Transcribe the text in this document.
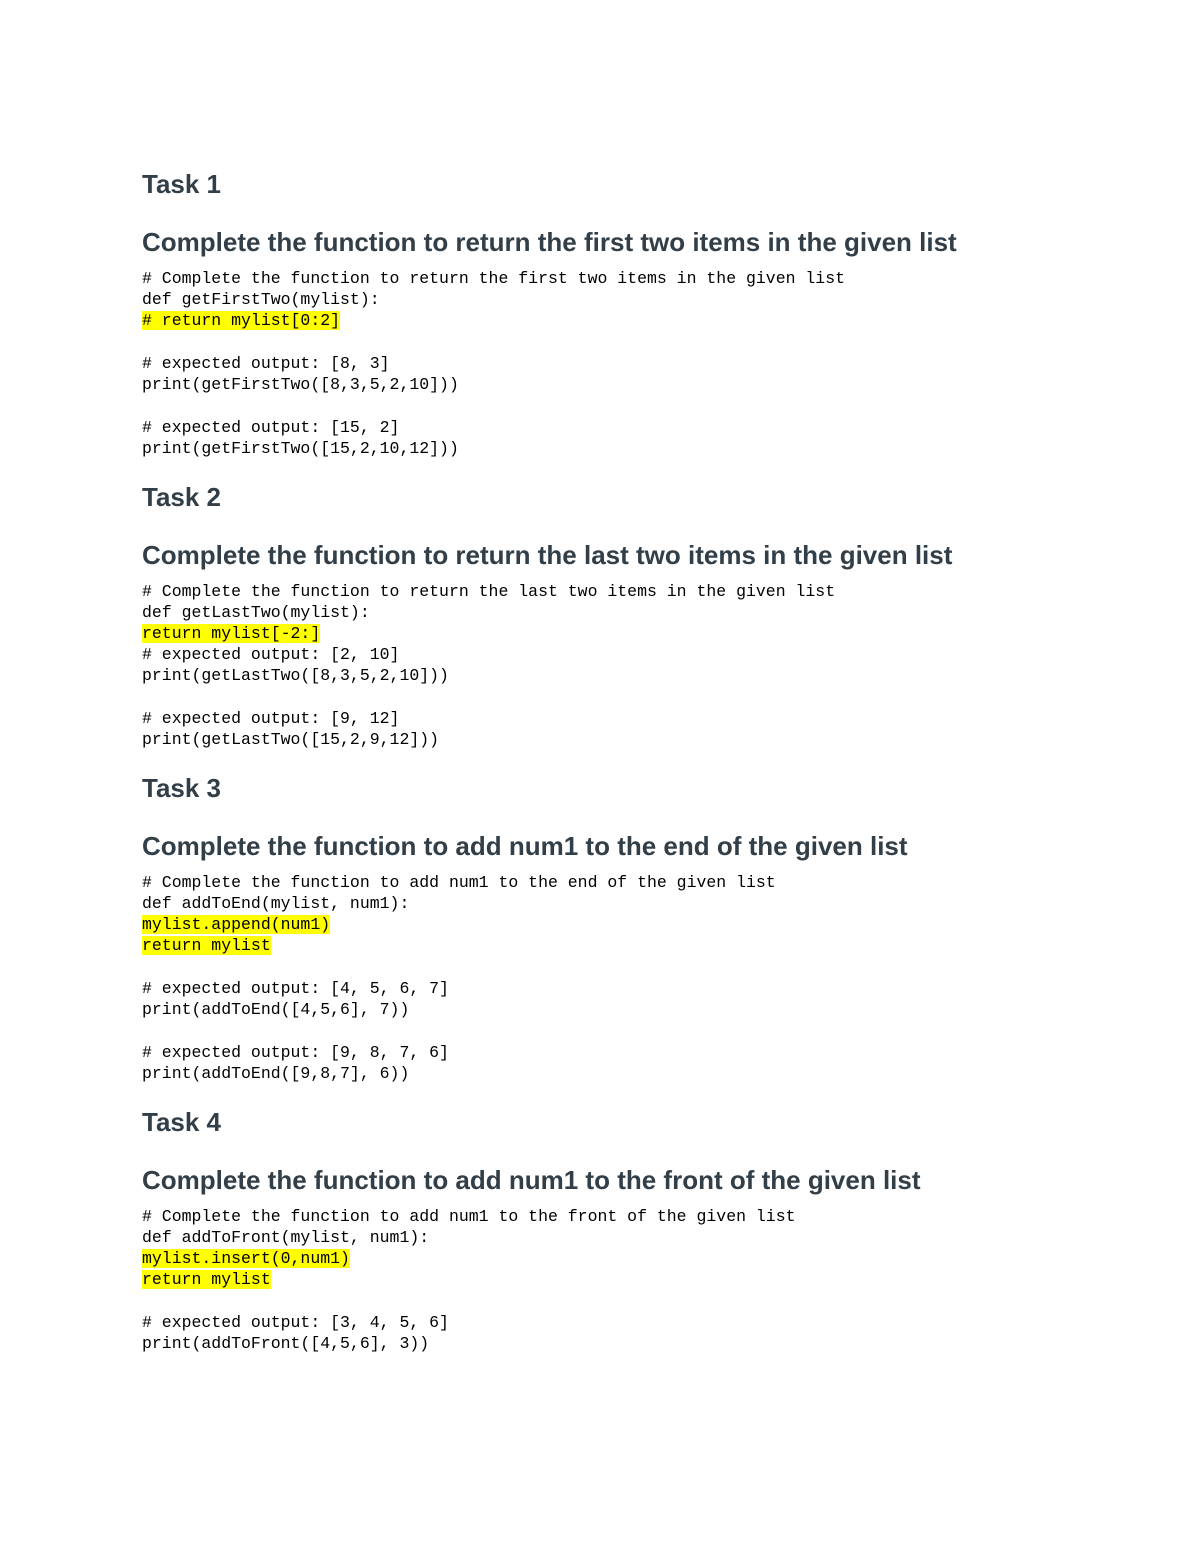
Task 1
Complete the function to return the first two items in the given list
# Complete the function to return the first two items in the given list
def getFirstTwo(mylist):
# return mylist[0:2]
# expected output: [8, 3]
print(getFirstTwo([8,3,5,2,10]))
# expected output: [15, 2]
print(getFirstTwo([15,2,10,12]))
Task 2
Complete the function to return the last two items in the given list
# Complete the function to return the last two items in the given list
def getLastTwo(mylist):
return mylist[-2:]
# expected output: [2, 10]
print(getLastTwo([8,3,5,2,10]))
# expected output: [9, 12]
print(getLastTwo([15,2,9,12]))
Task 3
Complete the function to add num1 to the end of the given list
# Complete the function to add num1 to the end of the given list
def addToEnd(mylist, num1):
mylist.append(num1)
return mylist
# expected output: [4, 5, 6, 7]
print(addToEnd([4,5,6], 7))
# expected output: [9, 8, 7, 6]
print(addToEnd([9,8,7], 6))
Task 4
Complete the function to add num1 to the front of the given list
# Complete the function to add num1 to the front of the given list
def addToFront(mylist, num1):
mylist.insert(0,num1)
return mylist
# expected output: [3, 4, 5, 6]
print(addToFront([4,5,6], 3))
